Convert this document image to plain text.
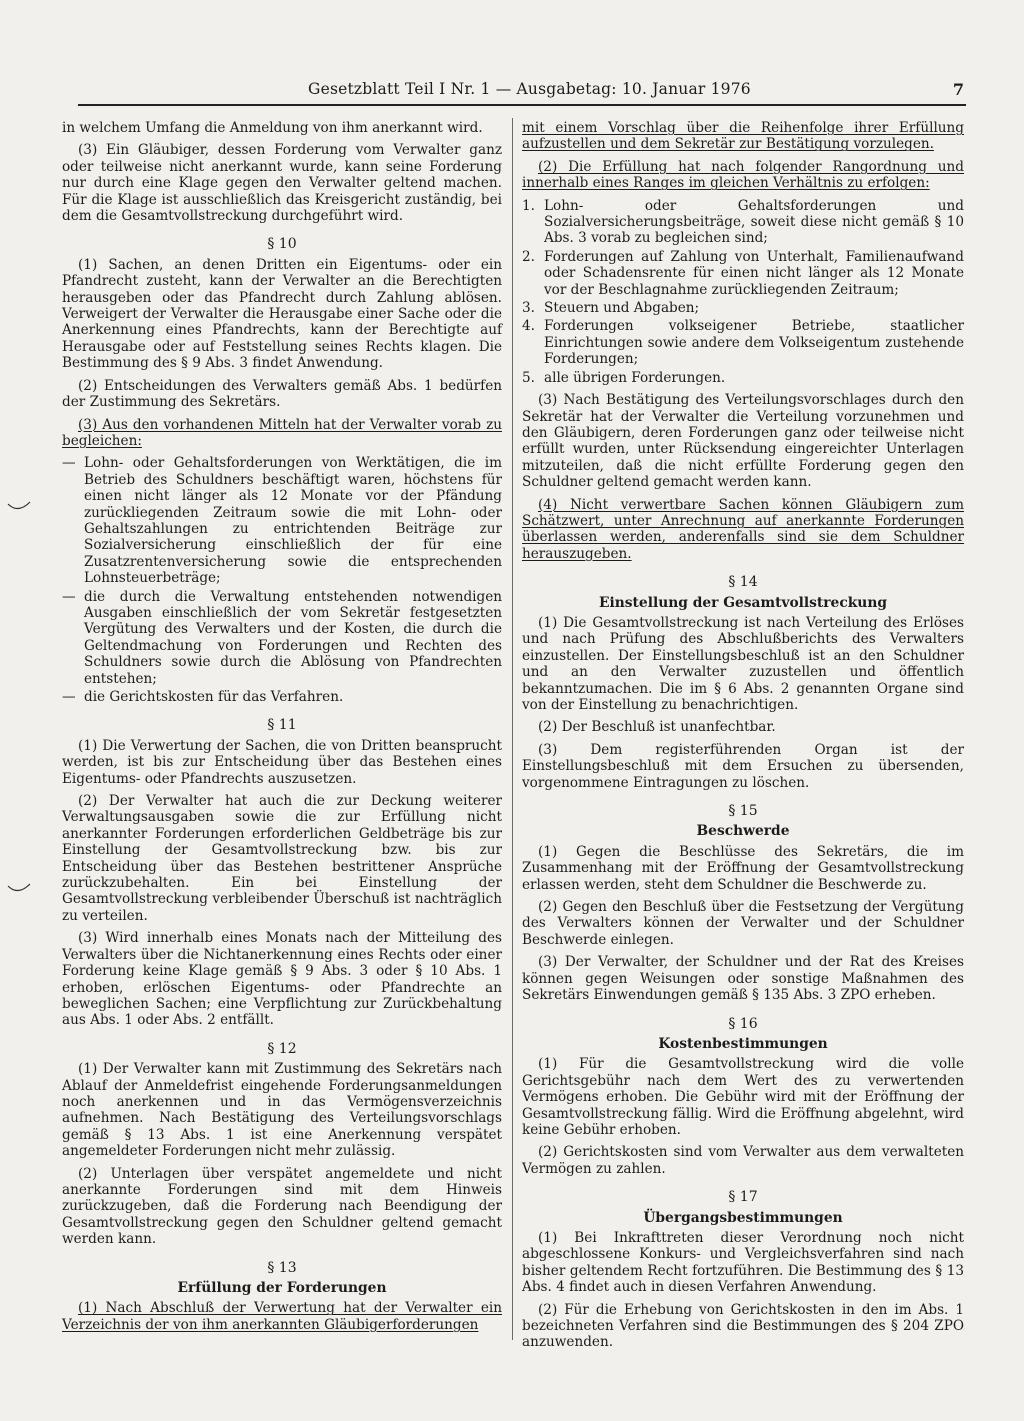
Gesetzblatt Teil I Nr. 1 — Ausgabetag: 10. Januar 1976	7

in welchem Umfang die Anmeldung von ihm anerkannt wird.

(3) Ein Gläubiger, dessen Forderung vom Verwalter ganz oder teilweise nicht anerkannt wurde, kann seine Forderung nur durch eine Klage gegen den Verwalter geltend machen. Für die Klage ist ausschließlich das Kreisgericht zuständig, bei dem die Gesamtvollstreckung durchgeführt wird.

§ 10

(1) Sachen, an denen Dritten ein Eigentums- oder ein Pfandrecht zusteht, kann der Verwalter an die Berechtigten herausgeben oder das Pfandrecht durch Zahlung ablösen. Verweigert der Verwalter die Herausgabe einer Sache oder die Anerkennung eines Pfandrechts, kann der Berechtigte auf Herausgabe oder auf Feststellung seines Rechts klagen. Die Bestimmung des § 9 Abs. 3 findet Anwendung.

(2) Entscheidungen des Verwalters gemäß Abs. 1 bedürfen der Zustimmung des Sekretärs.

(3) Aus den vorhandenen Mitteln hat der Verwalter vorab zu begleichen:

— Lohn- oder Gehaltsforderungen von Werktätigen, die im Betrieb des Schuldners beschäftigt waren, höchstens für einen nicht länger als 12 Monate vor der Pfändung zurückliegenden Zeitraum sowie die mit Lohn- oder Gehaltszahlungen zu entrichtenden Beiträge zur Sozialversicherung einschließlich der für eine Zusatzrentenversicherung sowie die entsprechenden Lohnsteuerbeträge;
— die durch die Verwaltung entstehenden notwendigen Ausgaben einschließlich der vom Sekretär festgesetzten Vergütung des Verwalters und der Kosten, die durch die Geltendmachung von Forderungen und Rechten des Schuldners sowie durch die Ablösung von Pfandrechten entstehen;
— die Gerichtskosten für das Verfahren.
§ 11

(1) Die Verwertung der Sachen, die von Dritten beansprucht werden, ist bis zur Entscheidung über das Bestehen eines Eigentums- oder Pfandrechts auszusetzen.

(2) Der Verwalter hat auch die zur Deckung weiterer Verwaltungsausgaben sowie die zur Erfüllung nicht anerkannter Forderungen erforderlichen Geldbeträge bis zur Einstellung der Gesamtvollstreckung bzw. bis zur Entscheidung über das Bestehen bestrittener Ansprüche zurückzubehalten. Ein bei Einstellung der Gesamtvollstreckung verbleibender Überschuß ist nachträglich zu verteilen.

(3) Wird innerhalb eines Monats nach der Mitteilung des Verwalters über die Nichtanerkennung eines Rechts oder einer Forderung keine Klage gemäß § 9 Abs. 3 oder § 10 Abs. 1 erhoben, erlöschen Eigentums- oder Pfandrechte an beweglichen Sachen; eine Verpflichtung zur Zurückbehaltung aus Abs. 1 oder Abs. 2 entfällt.

§ 12

(1) Der Verwalter kann mit Zustimmung des Sekretärs nach Ablauf der Anmeldefrist eingehende Forderungsanmeldungen noch anerkennen und in das Vermögensverzeichnis aufnehmen. Nach Bestätigung des Verteilungsvorschlags gemäß § 13 Abs. 1 ist eine Anerkennung verspätet angemeldeter Forderungen nicht mehr zulässig.

(2) Unterlagen über verspätet angemeldete und nicht anerkannte Forderungen sind mit dem Hinweis zurückzugeben, daß die Forderung nach Beendigung der Gesamtvollstreckung gegen den Schuldner geltend gemacht werden kann.

§ 13
Erfüllung der Forderungen

(1) Nach Abschluß der Verwertung hat der Verwalter ein Verzeichnis der von ihm anerkannten Gläubigerforderungen

mit einem Vorschlag über die Reihenfolge ihrer Erfüllung aufzustellen und dem Sekretär zur Bestätigung vorzulegen.

(2) Die Erfüllung hat nach folgender Rangordnung und innerhalb eines Ranges im gleichen Verhältnis zu erfolgen:

1. Lohn- oder Gehaltsforderungen und Sozialversicherungsbeiträge, soweit diese nicht gemäß § 10 Abs. 3 vorab zu begleichen sind;
2. Forderungen auf Zahlung von Unterhalt, Familienaufwand oder Schadensrente für einen nicht länger als 12 Monate vor der Beschlagnahme zurückliegenden Zeitraum;
3. Steuern und Abgaben;
4. Forderungen volkseigener Betriebe, staatlicher Einrichtungen sowie andere dem Volkseigentum zustehende Forderungen;
5. alle übrigen Forderungen.

(3) Nach Bestätigung des Verteilungsvorschlages durch den Sekretär hat der Verwalter die Verteilung vorzunehmen und den Gläubigern, deren Forderungen ganz oder teilweise nicht erfüllt wurden, unter Rücksendung eingereichter Unterlagen mitzuteilen, daß die nicht erfüllte Forderung gegen den Schuldner geltend gemacht werden kann.

(4) Nicht verwertbare Sachen können Gläubigern zum Schätzwert, unter Anrechnung auf anerkannte Forderungen überlassen werden, anderenfalls sind sie dem Schuldner herauszugeben.

§ 14
Einstellung der Gesamtvollstreckung

(1) Die Gesamtvollstreckung ist nach Verteilung des Erlöses und nach Prüfung des Abschlußberichts des Verwalters einzustellen. Der Einstellungsbeschluß ist an den Schuldner und an den Verwalter zuzustellen und öffentlich bekanntzumachen. Die im § 6 Abs. 2 genannten Organe sind von der Einstellung zu benachrichtigen.

(2) Der Beschluß ist unanfechtbar.

(3) Dem registerführenden Organ ist der Einstellungsbeschluß mit dem Ersuchen zu übersenden, vorgenommene Eintragungen zu löschen.

§ 15
Beschwerde

(1) Gegen die Beschlüsse des Sekretärs, die im Zusammenhang mit der Eröffnung der Gesamtvollstreckung erlassen werden, steht dem Schuldner die Beschwerde zu.

(2) Gegen den Beschluß über die Festsetzung der Vergütung des Verwalters können der Verwalter und der Schuldner Beschwerde einlegen.

(3) Der Verwalter, der Schuldner und der Rat des Kreises können gegen Weisungen oder sonstige Maßnahmen des Sekretärs Einwendungen gemäß § 135 Abs. 3 ZPO erheben.

§ 16
Kostenbestimmungen

(1) Für die Gesamtvollstreckung wird die volle Gerichtsgebühr nach dem Wert des zu verwertenden Vermögens erhoben. Die Gebühr wird mit der Eröffnung der Gesamtvollstreckung fällig. Wird die Eröffnung abgelehnt, wird keine Gebühr erhoben.

(2) Gerichtskosten sind vom Verwalter aus dem verwalteten Vermögen zu zahlen.

§ 17
Übergangsbestimmungen

(1) Bei Inkrafttreten dieser Verordnung noch nicht abgeschlossene Konkurs- und Vergleichsverfahren sind nach bisher geltendem Recht fortzuführen. Die Bestimmung des § 13 Abs. 4 findet auch in diesen Verfahren Anwendung.

(2) Für die Erhebung von Gerichtskosten in den im Abs. 1 bezeichneten Verfahren sind die Bestimmungen des § 204 ZPO anzuwenden.
